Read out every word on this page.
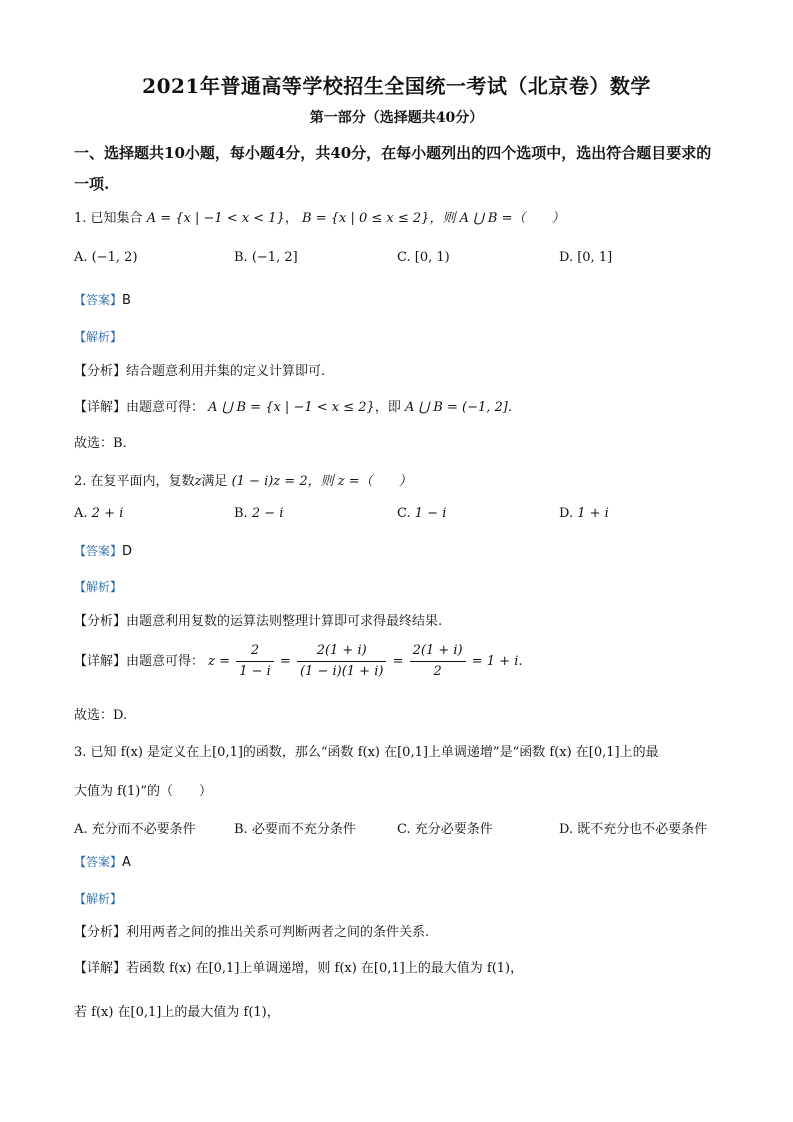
2021年普通高等学校招生全国统一考试（北京卷）数学
第一部分（选择题共40分）
一、选择题共10小题，每小题4分，共40分，在每小题列出的四个选项中，选出符合题目要求的一项.
1. 已知集合 A = {x | −1 < x < 1}， B = {x | 0 ≤ x ≤ 2}，则 A ⋃ B =（　　）
A. (−1, 2)	B. (−1, 2]	C. [0, 1)	D. [0, 1]
【答案】B
【解析】
【分析】结合题意利用并集的定义计算即可.
【详解】由题意可得： A ⋃ B = {x | −1 < x ≤ 2}，即 A ⋃ B = (−1, 2].
故选：B.
2. 在复平面内，复数z满足 (1 − i)z = 2，则 z =（　　）
A. 2 + i	B. 2 − i	C. 1 − i	D. 1 + i
【答案】D
【解析】
【分析】由题意利用复数的运算法则整理计算即可求得最终结果.
【详解】由题意可得： $z = \frac{2}{1 - i} = \frac{2(1 + i)}{(1 - i)(1 + i)} = \frac{2(1 + i)}{2} = 1 + i$.
故选：D.
3. 已知 f(x) 是定义在上[0,1]的函数，那么“函数 f(x) 在[0,1]上单调递增”是“函数 f(x) 在[0,1]上的最
大值为 f(1)”的（　　）
A. 充分而不必要条件	B. 必要而不充分条件	C. 充分必要条件	D. 既不充分也不必要条件
【答案】A
【解析】
【分析】利用两者之间的推出关系可判断两者之间的条件关系.
【详解】若函数 f(x) 在[0,1]上单调递增，则 f(x) 在[0,1]上的最大值为 f(1)，
若 f(x) 在[0,1]上的最大值为 f(1)，
